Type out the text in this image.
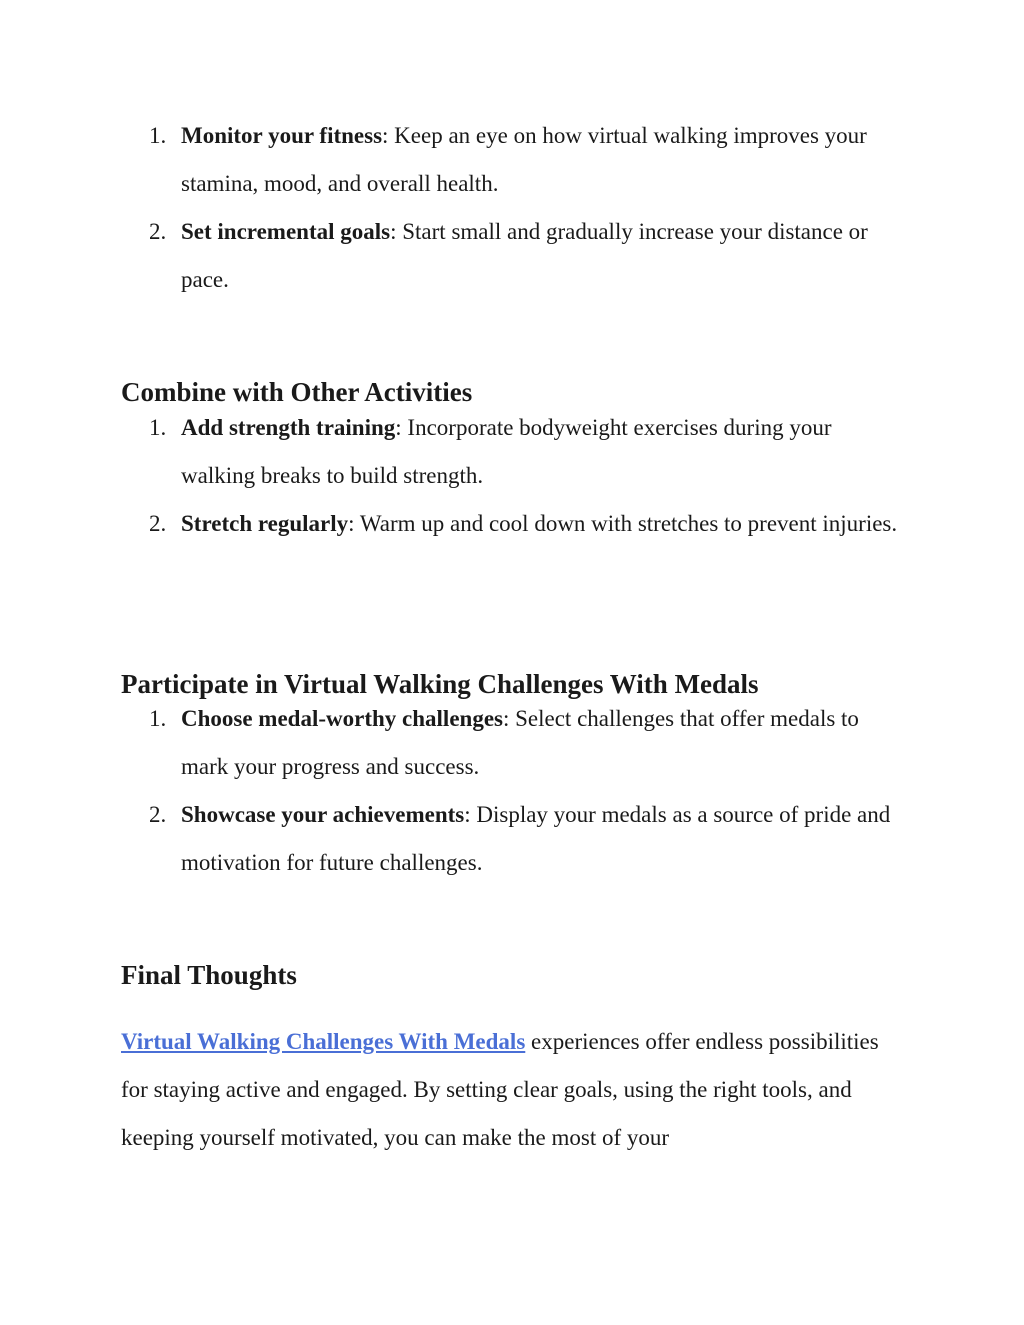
1. Monitor your fitness: Keep an eye on how virtual walking improves your stamina, mood, and overall health.
2. Set incremental goals: Start small and gradually increase your distance or pace.
Combine with Other Activities
1. Add strength training: Incorporate bodyweight exercises during your walking breaks to build strength.
2. Stretch regularly: Warm up and cool down with stretches to prevent injuries.
Participate in Virtual Walking Challenges With Medals
1. Choose medal-worthy challenges: Select challenges that offer medals to mark your progress and success.
2. Showcase your achievements: Display your medals as a source of pride and motivation for future challenges.
Final Thoughts

Virtual Walking Challenges With Medals experiences offer endless possibilities for staying active and engaged. By setting clear goals, using the right tools, and keeping yourself motivated, you can make the most of your
